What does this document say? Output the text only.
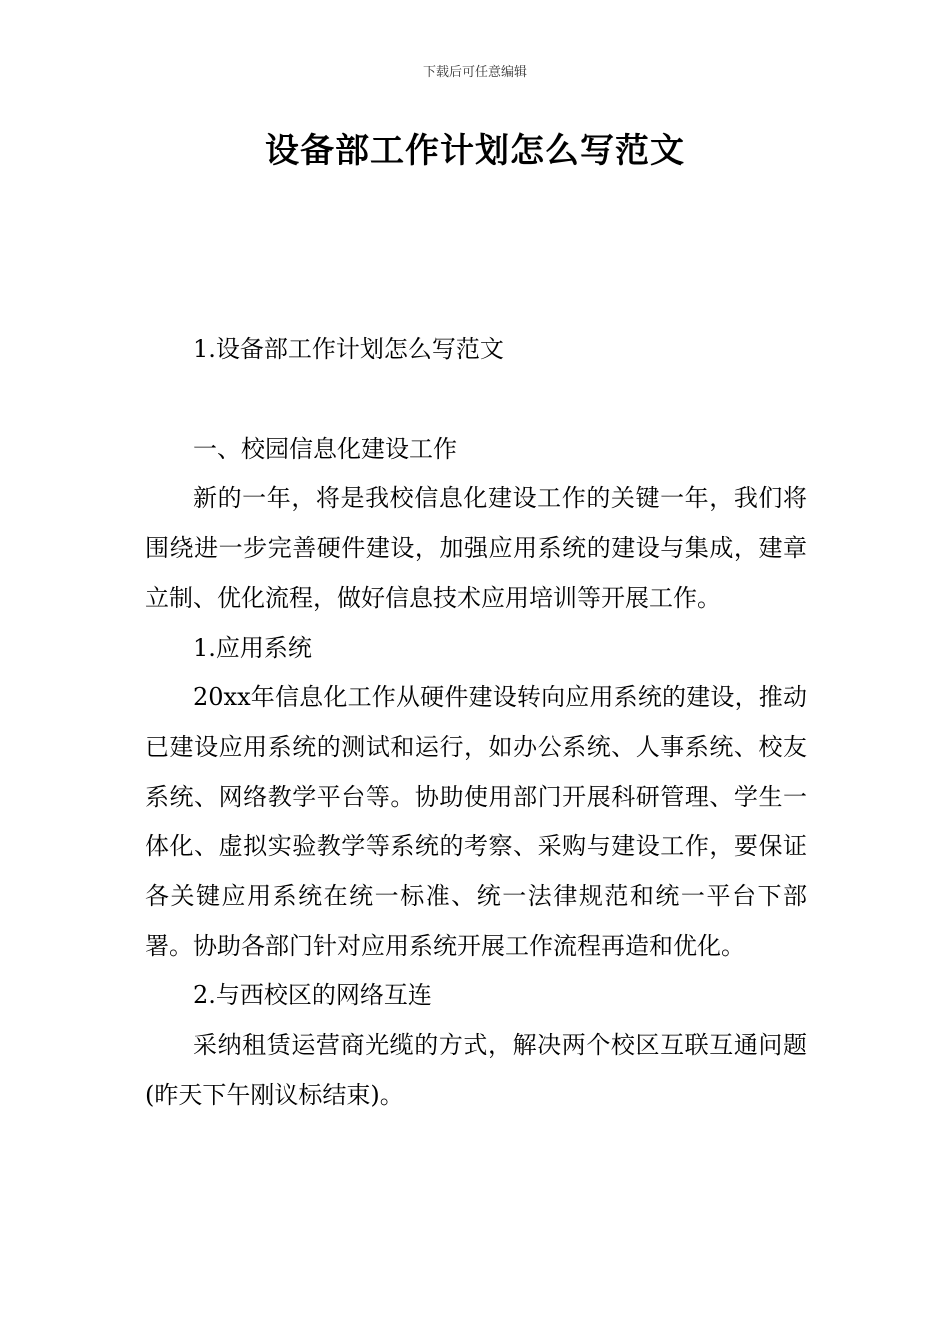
下载后可任意编辑
设备部工作计划怎么写范文

1.设备部工作计划怎么写范文

一、校园信息化建设工作

新的一年，将是我校信息化建设工作的关键一年，我们将围绕进一步完善硬件建设，加强应用系统的建设与集成，建章立制、优化流程，做好信息技术应用培训等开展工作。

1.应用系统

20xx年信息化工作从硬件建设转向应用系统的建设，推动已建设应用系统的测试和运行，如办公系统、人事系统、校友系统、网络教学平台等。协助使用部门开展科研管理、学生一体化、虚拟实验教学等系统的考察、采购与建设工作，要保证各关键应用系统在统一标准、统一法律规范和统一平台下部署。协助各部门针对应用系统开展工作流程再造和优化。

2.与西校区的网络互连

采纳租赁运营商光缆的方式，解决两个校区互联互通问题(昨天下午刚议标结束)。
